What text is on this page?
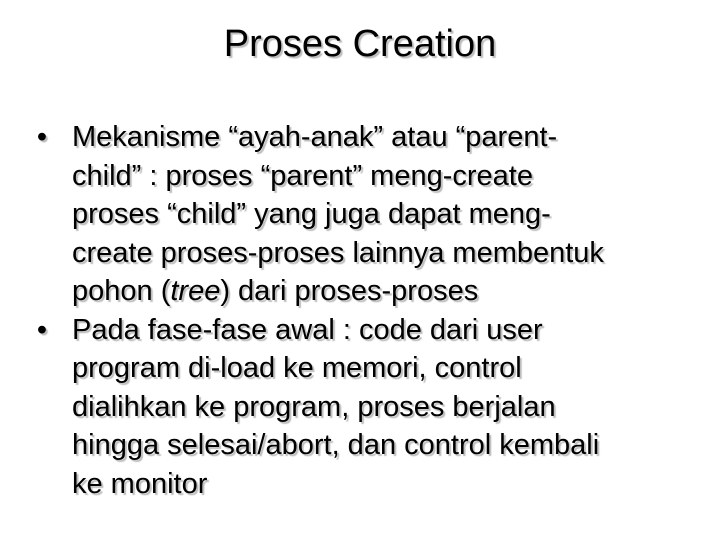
Proses Creation
• Mekanisme “ayah-anak” atau “parent-
child” : proses “parent” meng-create
proses “child” yang juga dapat meng-
create proses-proses lainnya membentuk
pohon (tree) dari proses-proses
• Pada fase-fase awal : code dari user
program di-load ke memori, control
dialihkan ke program, proses berjalan
hingga selesai/abort, dan control kembali
ke monitor
